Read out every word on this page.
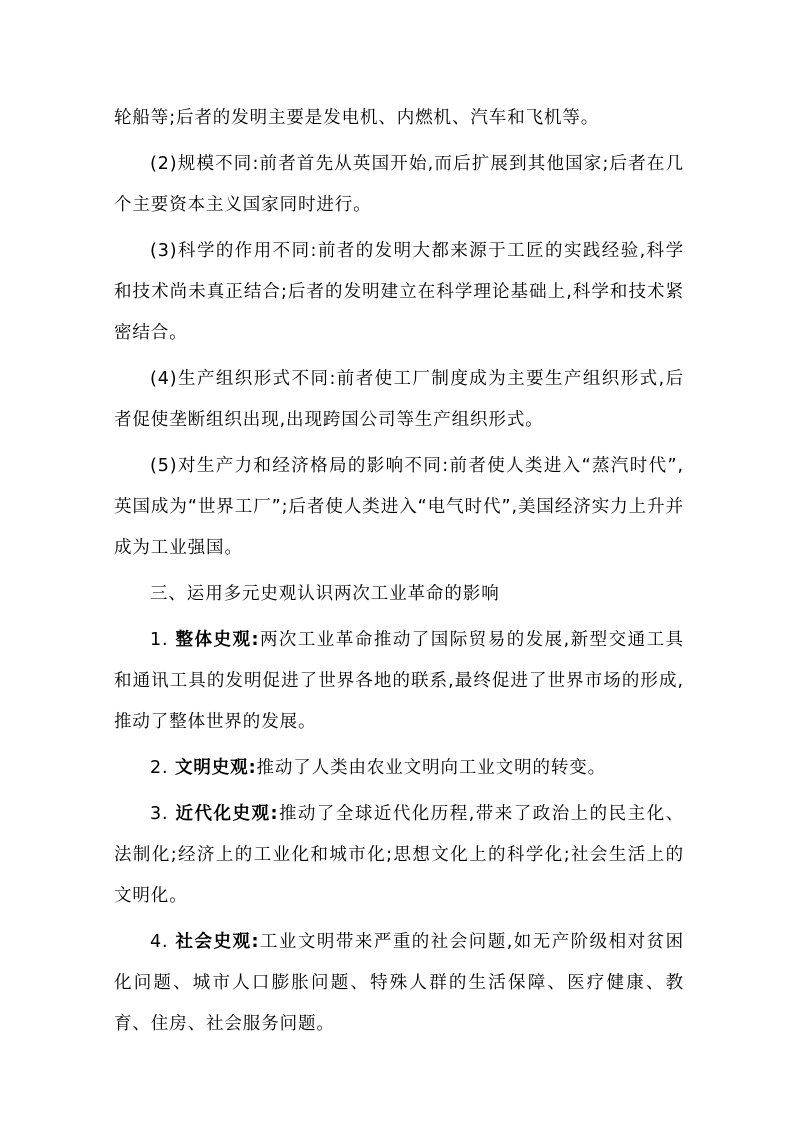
轮船等;后者的发明主要是发电机、内燃机、汽车和飞机等。

(2)规模不同:前者首先从英国开始,而后扩展到其他国家;后者在几个主要资本主义国家同时进行。

(3)科学的作用不同:前者的发明大都来源于工匠的实践经验,科学和技术尚未真正结合;后者的发明建立在科学理论基础上,科学和技术紧密结合。

(4)生产组织形式不同:前者使工厂制度成为主要生产组织形式,后者促使垄断组织出现,出现跨国公司等生产组织形式。

(5)对生产力和经济格局的影响不同:前者使人类进入“蒸汽时代”,英国成为“世界工厂”;后者使人类进入“电气时代”,美国经济实力上升并成为工业强国。

三、运用多元史观认识两次工业革命的影响

1. 整体史观:两次工业革命推动了国际贸易的发展,新型交通工具和通讯工具的发明促进了世界各地的联系,最终促进了世界市场的形成,推动了整体世界的发展。

2. 文明史观:推动了人类由农业文明向工业文明的转变。

3. 近代化史观:推动了全球近代化历程,带来了政治上的民主化、法制化;经济上的工业化和城市化;思想文化上的科学化;社会生活上的文明化。

4. 社会史观:工业文明带来严重的社会问题,如无产阶级相对贫困化问题、城市人口膨胀问题、特殊人群的生活保障、医疗健康、教育、住房、社会服务问题。
